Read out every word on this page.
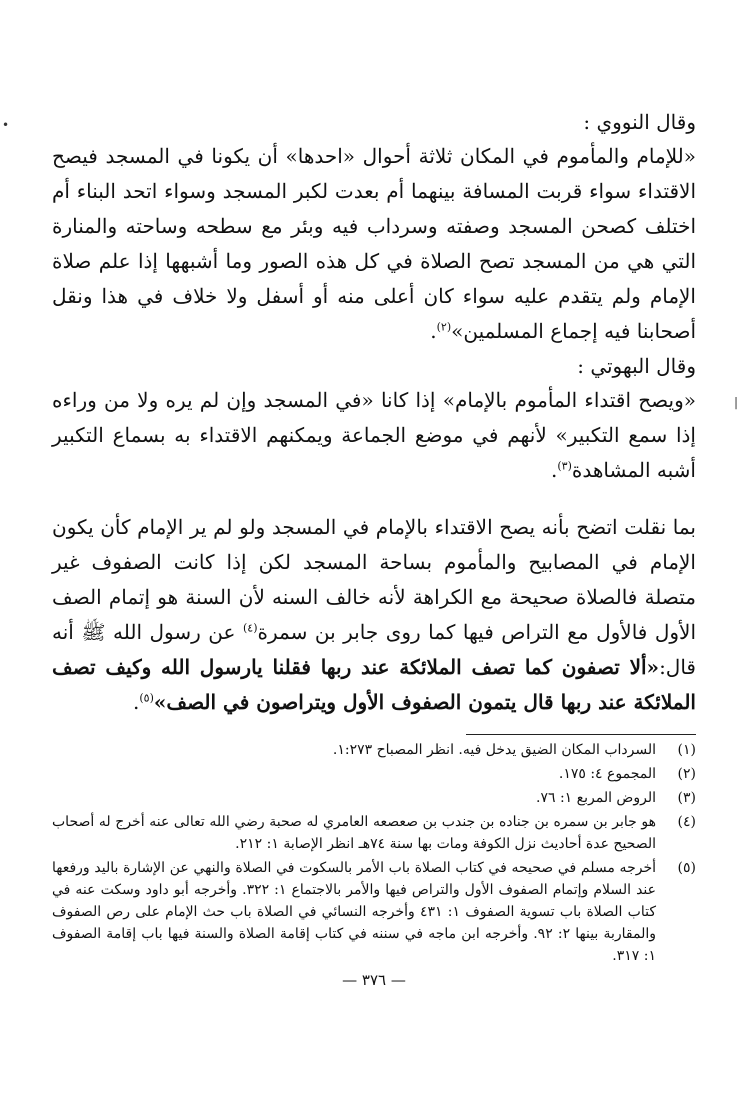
•
|

وقال النووي :

«للإمام والمأموم في المكان ثلاثة أحوال «احدها» أن يكونا في المسجد فيصح الاقتداء سواء قربت المسافة بينهما أم بعدت لكبر المسجد وسواء اتحد البناء أم اختلف كصحن المسجد وصفته وسرداب فيه وبئر مع سطحه وساحته والمنارة التي هي من المسجد تصح الصلاة في كل هذه الصور وما أشبهها إذا علم صلاة الإمام ولم يتقدم عليه سواء كان أعلى منه أو أسفل ولا خلاف في هذا ونقل أصحابنا فيه إجماع المسلمين»$^{(٢)}$.

وقال البهوتي :

«ويصح اقتداء المأموم بالإمام» إذا كانا «في المسجد وإن لم يره ولا من وراءه إذا سمع التكبير» لأنهم في موضع الجماعة ويمكنهم الاقتداء به بسماع التكبير أشبه المشاهدة$^{(٣)}$.

بما نقلت اتضح بأنه يصح الاقتداء بالإمام في المسجد ولو لم ير الإمام كأن يكون الإمام في المصابيح والمأموم بساحة المسجد لكن إذا كانت الصفوف غير متصلة فالصلاة صحيحة مع الكراهة لأنه خالف السنه لأن السنة هو إتمام الصف الأول فالأول مع التراص فيها كما روى جابر بن سمرة$^{(٤)}$ عن رسول الله ﷺ أنه قال:«ألا تصفون كما تصف الملائكة عند ربها فقلنا يارسول الله وكيف تصف الملائكة عند ربها قال يتمون الصفوف الأول ويتراصون في الصف»$^{(٥)}$.

(١)
السرداب المكان الضيق يدخل فيه. انظر المصباح ١:٢٧٣.
(٢)
المجموع ٤: ١٧٥.
(٣)
الروض المربع ١: ٧٦.
(٤)
هو جابر بن سمره بن جناده بن جندب بن صعصعه العامري له صحبة رضي الله تعالى عنه أخرج له أصحاب الصحيح عدة أحاديث نزل الكوفة ومات بها سنة ٧٤هـ انظر الإصابة ١: ٢١٢.
(٥)
أخرجه مسلم في صحيحه في كتاب الصلاة باب الأمر بالسكوت في الصلاة والنهي عن الإشارة باليد ورفعها عند السلام وإتمام الصفوف الأول والتراص فيها والأمر بالاجتماع ١: ٣٢٢. وأخرجه أبو داود وسكت عنه في كتاب الصلاة باب تسوية الصفوف ١: ٤٣١ وأخرجه النسائي في الصلاة باب حث الإمام على رص الصفوف والمقاربة بينها ٢: ٩٢. وأخرجه ابن ماجه في سننه في كتاب إقامة الصلاة والسنة فيها باب إقامة الصفوف ١: ٣١٧.
— ٣٧٦ —
